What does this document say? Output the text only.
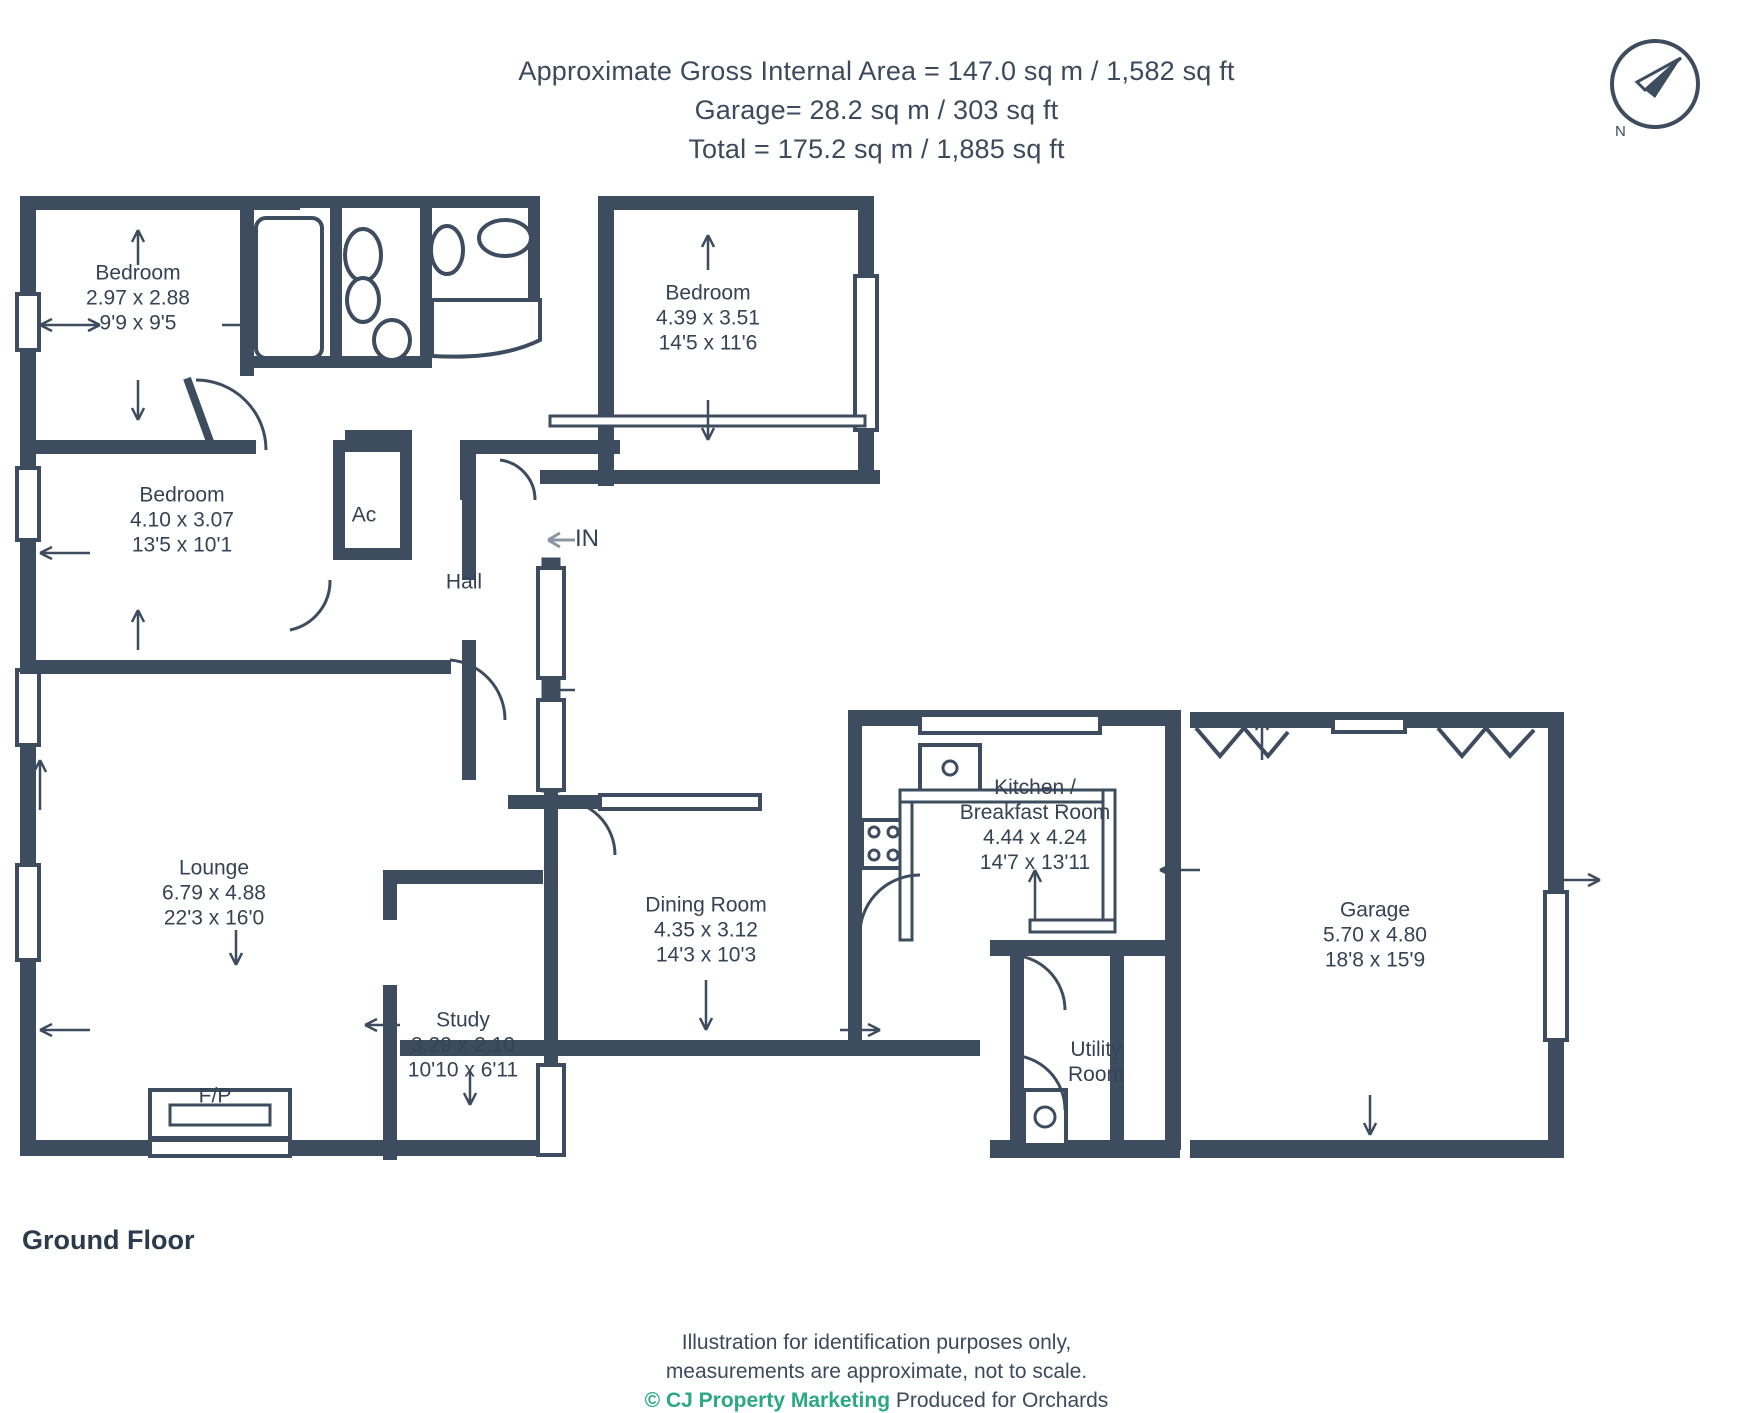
Approximate Gross Internal Area = 147.0 sq m / 1,582 sq ft
Garage= 28.2 sq m / 303 sq ft
Total = 175.2 sq m / 1,885 sq ft
N
Bedroom
2.97 x 2.88
9'9 x 9'5
Bedroom
4.39 x 3.51
14'5 x 11'6
Bedroom
4.10 x 3.07
13'5 x 10'1
Ac
Hall
Lounge
6.79 x 4.88
22'3 x 16'0
Study
3.29 x 2.10
10'10 x 6'11
Dining Room
4.35 x 3.12
14'3 x 10'3
Kitchen / Breakfast Room
4.44 x 4.24
14'7 x 13'11
Utility Room
Garage
5.70 x 4.80
18'8 x 15'9
F/P
IN
Ground Floor
Illustration for identification purposes only,
measurements are approximate, not to scale.
© CJ Property Marketing Produced for Orchards
